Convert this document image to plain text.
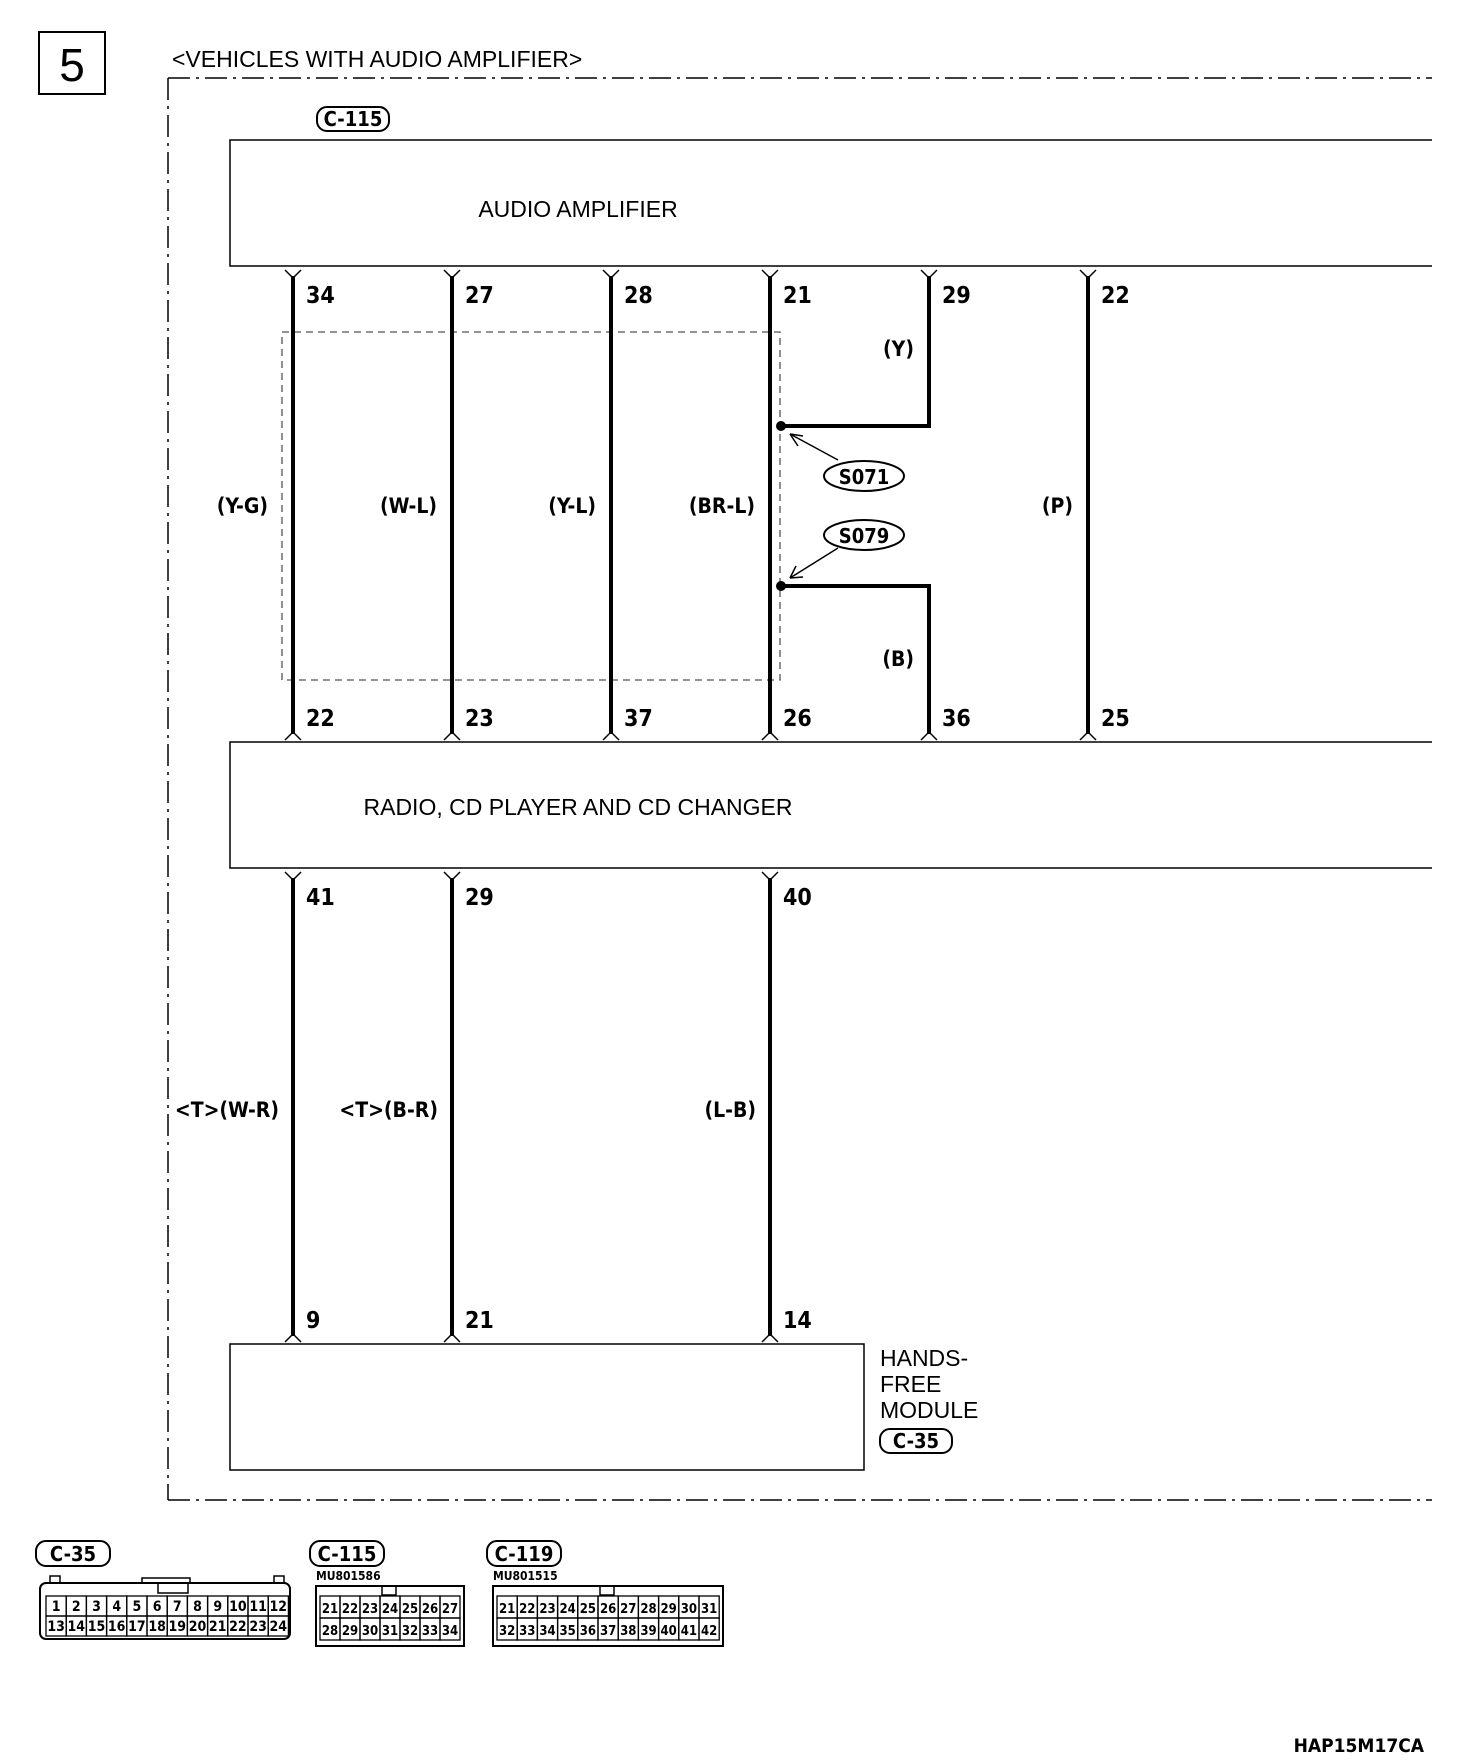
5	<VEHICLES WITH AUDIO AMPLIFIER>
AUDIO AMPLIFIER
C-115
RADIO, CD PLAYER AND CD CHANGER
HANDS-
FREE
MODULE
C-35
34
22
(Y-G)
27
23
(W-L)
28
37
(Y-L)
21
26
(BR-L)
29
36
(Y)
(B)
22
25
(P)
S071
S079
41
9
<T>(W-R)
29
21
<T>(B-R)
40
14
(L-B)
C-35
1 2 3 4 5 6 7 8 9 10 11 12
13 14 15 16 17 18 19 20 21 22 23 24
C-115
MU801586
21 22 23 24 25 26 27
28 29 30 31 32 33 34
C-119
MU801515
21 22 23 24 25 26 27 28 29 30 31
32 33 34 35 36 37 38 39 40 41 42
HAP15M17CA
